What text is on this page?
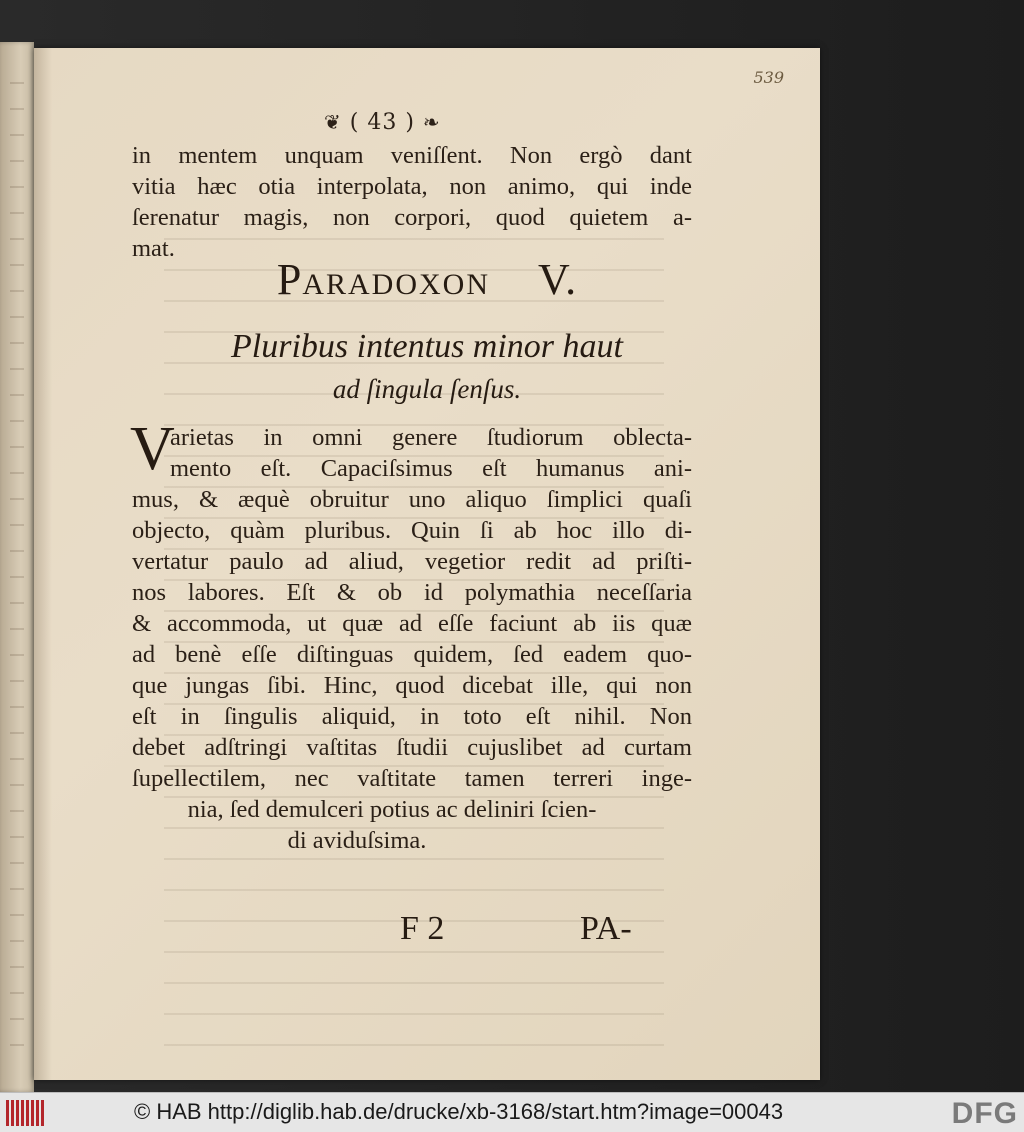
539
❦ ( 43 ) ❧
in mentem unquam veniſſent. Non ergò dant
vitia hæc otia interpolata, non animo, qui inde
ſerenatur magis, non corpori, quod quietem a-
mat.
PARADOXON V.
Pluribus intentus minor haut
ad ſingula ſenſus.
V
arietas in omni genere ſtudiorum oblecta-
mento eſt. Capaciſsimus eſt humanus ani-
mus, & æquè obruitur uno aliquo ſimplici quaſi
objecto, quàm pluribus. Quin ſi ab hoc illo di-
vertatur paulo ad aliud, vegetior redit ad priſti-
nos labores. Eſt & ob id polymathia neceſſaria
& accommoda, ut quæ ad eſſe faciunt ab iis quæ
ad benè eſſe diſtinguas quidem, ſed eadem quo-
que jungas ſibi. Hinc, quod dicebat ille, qui non
eſt in ſingulis aliquid, in toto eſt nihil. Non
debet adſtringi vaſtitas ſtudii cujuslibet ad curtam
ſupellectilem, nec vaſtitate tamen terreri inge-
nia, ſed demulceri potius ac deliniri ſcien-
di aviduſsima.
F 2	PA-
© HAB http://diglib.hab.de/drucke/xb-3168/start.htm?image=00043	DFG
